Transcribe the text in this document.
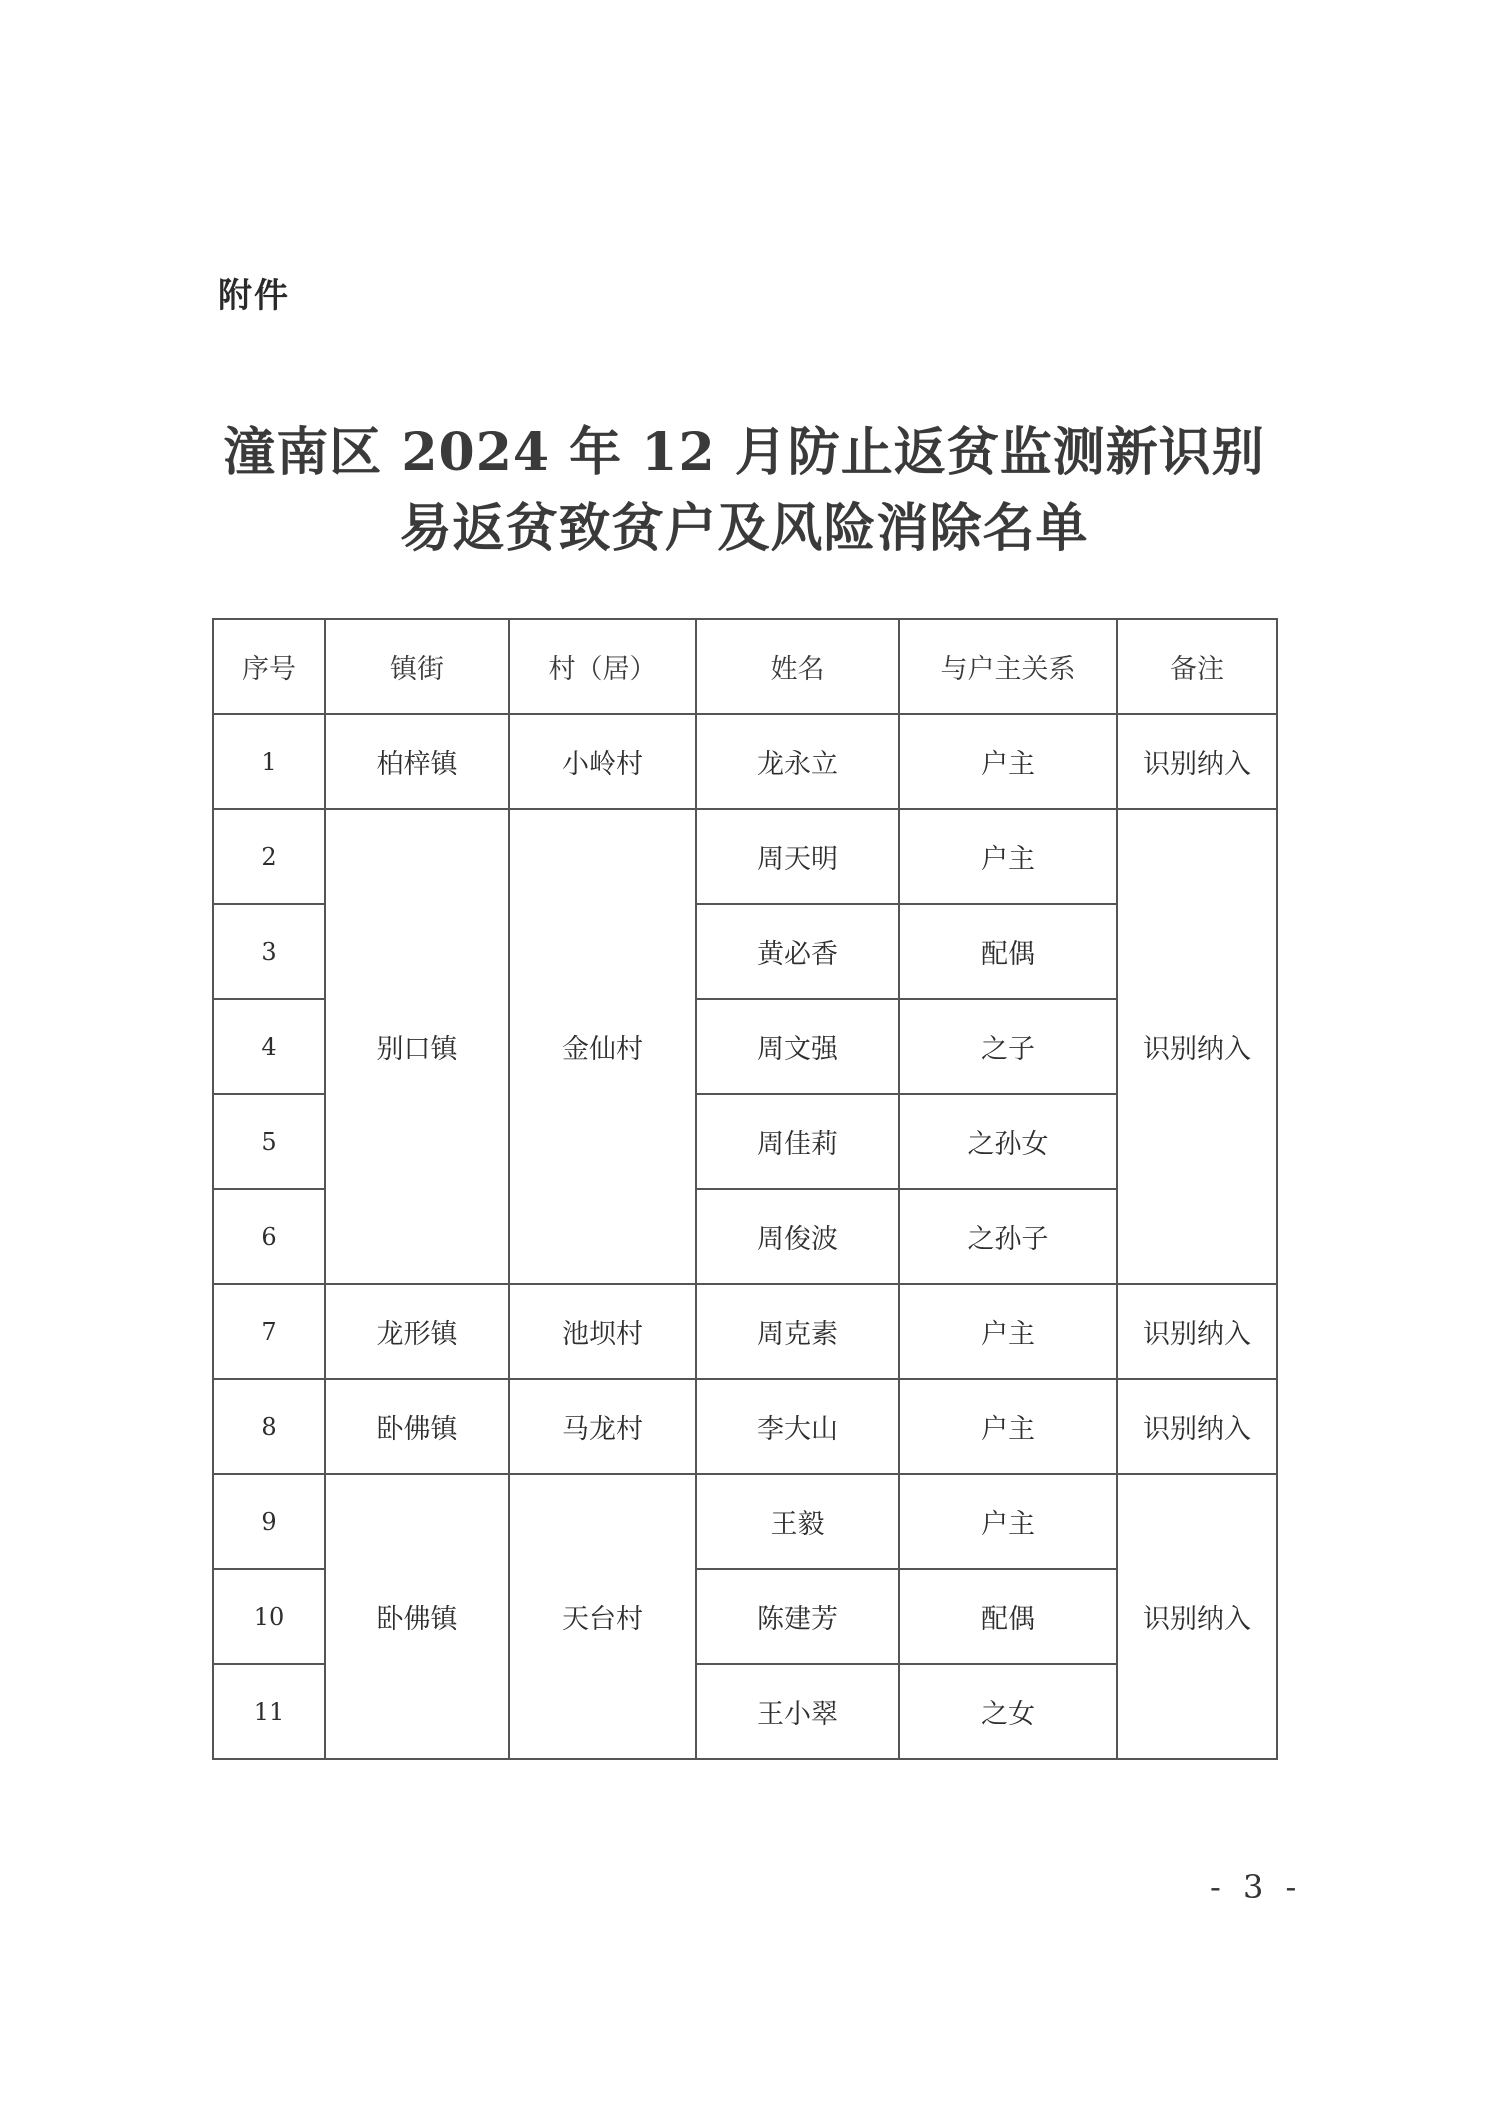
附件
潼南区 2024 年 12 月防止返贫监测新识别
易返贫致贫户及风险消除名单
序号	镇街	村（居）	姓名	与户主关系	备注
1	柏梓镇	小岭村	龙永立	户主	识别纳入
2	别口镇	金仙村	周天明	户主	识别纳入
3			黄必香	配偶	
4			周文强	之子	
5			周佳莉	之孙女	
6			周俊波	之孙子	
7	龙形镇	池坝村	周克素	户主	识别纳入
8	卧佛镇	马龙村	李大山	户主	识别纳入
9	卧佛镇	天台村	王毅	户主	识别纳入
10			陈建芳	配偶	
11			王小翠	之女	
- 3 -
